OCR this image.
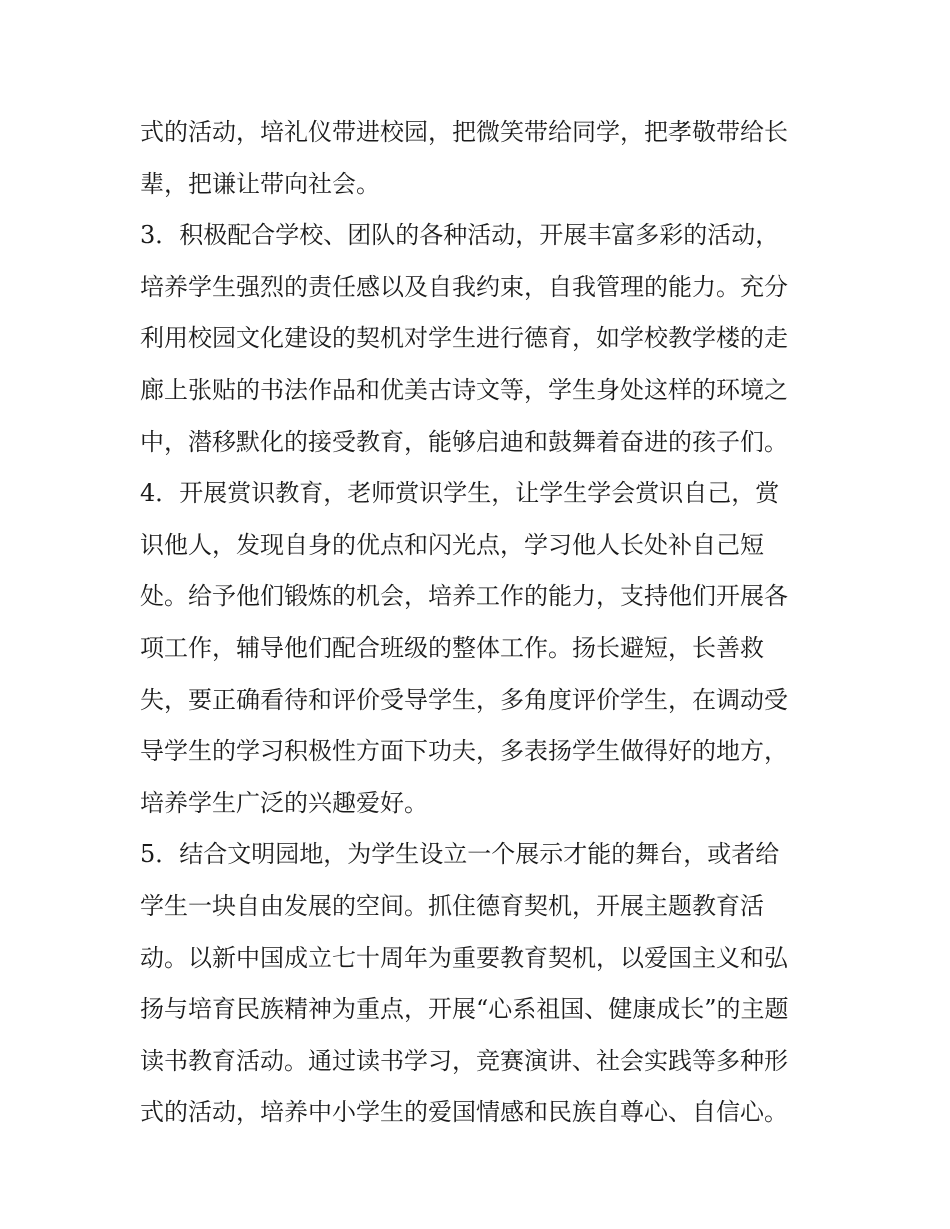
式的活动，培礼仪带进校园，把微笑带给同学，把孝敬带给长
辈，把谦让带向社会。
3．积极配合学校、团队的各种活动，开展丰富多彩的活动，
培养学生强烈的责任感以及自我约束，自我管理的能力。充分
利用校园文化建设的契机对学生进行德育，如学校教学楼的走
廊上张贴的书法作品和优美古诗文等，学生身处这样的环境之
中，潜移默化的接受教育，能够启迪和鼓舞着奋进的孩子们。
4．开展赏识教育，老师赏识学生，让学生学会赏识自己，赏
识他人，发现自身的优点和闪光点，学习他人长处补自己短
处。给予他们锻炼的机会，培养工作的能力，支持他们开展各
项工作，辅导他们配合班级的整体工作。扬长避短，长善救
失，要正确看待和评价受导学生，多角度评价学生，在调动受
导学生的学习积极性方面下功夫，多表扬学生做得好的地方，
培养学生广泛的兴趣爱好。
5．结合文明园地，为学生设立一个展示才能的舞台，或者给
学生一块自由发展的空间。抓住德育契机，开展主题教育活
动。以新中国成立七十周年为重要教育契机，以爱国主义和弘
扬与培育民族精神为重点，开展“心系祖国、健康成长”的主题
读书教育活动。通过读书学习，竞赛演讲、社会实践等多种形
式的活动，培养中小学生的爱国情感和民族自尊心、自信心。
